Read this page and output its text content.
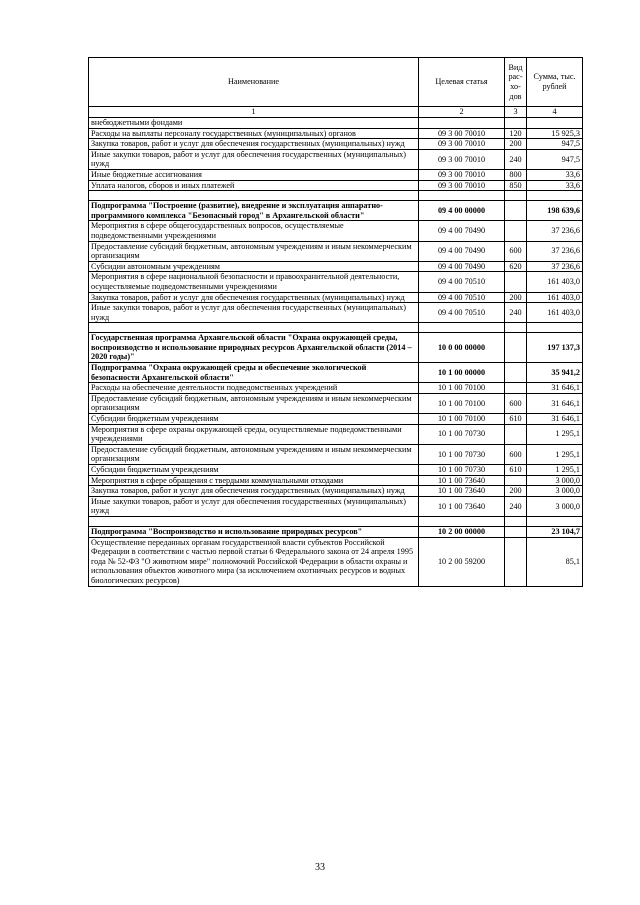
Наименование	Целевая статья	Вид рас-хо-дов	Сумма, тыс. рублей
1	2	3	4
внебюджетными фондами			
Расходы на выплаты персоналу государственных (муниципальных) органов	09 3 00 70010	120	15 925,3
Закупка товаров, работ и услуг для обеспечения государственных (муниципальных) нужд	09 3 00 70010	200	947,5
Иные закупки товаров, работ и услуг для обеспечения государственных (муниципальных) нужд	09 3 00 70010	240	947,5
Иные бюджетные ассигнования	09 3 00 70010	800	33,6
Уплата налогов, сборов и иных платежей	09 3 00 70010	850	33,6

Подпрограмма "Построение (развитие), внедрение и эксплуатация аппаратно-программного комплекса "Безопасный город" в Архангельской области"	09 4 00 00000		198 639,6
Мероприятия в сфере общегосударственных вопросов, осуществляемые подведомственными учреждениями	09 4 00 70490		37 236,6
Предоставление субсидий бюджетным, автономным учреждениям и иным некоммерческим организациям	09 4 00 70490	600	37 236,6
Субсидии автономным учреждениям	09 4 00 70490	620	37 236,6
Мероприятия в сфере национальной безопасности и правоохранительной деятельности, осуществляемые подведомственными учреждениями	09 4 00 70510		161 403,0
Закупка товаров, работ и услуг для обеспечения государственных (муниципальных) нужд	09 4 00 70510	200	161 403,0
Иные закупки товаров, работ и услуг для обеспечения государственных (муниципальных) нужд	09 4 00 70510	240	161 403,0

Государственная программа Архангельской области "Охрана окружающей среды, воспроизводство и использование природных ресурсов Архангельской области (2014 – 2020 годы)"	10 0 00 00000		197 137,3
Подпрограмма "Охрана окружающей среды и обеспечение экологической безопасности Архангельской области"	10 1 00 00000		35 941,2
Расходы на обеспечение деятельности подведомственных учреждений	10 1 00 70100		31 646,1
Предоставление субсидий бюджетным, автономным учреждениям и иным некоммерческим организациям	10 1 00 70100	600	31 646,1
Субсидии бюджетным учреждениям	10 1 00 70100	610	31 646,1
Мероприятия в сфере охраны окружающей среды, осуществляемые подведомственными учреждениями	10 1 00 70730		1 295,1
Предоставление субсидий бюджетным, автономным учреждениям и иным некоммерческим организациям	10 1 00 70730	600	1 295,1
Субсидии бюджетным учреждениям	10 1 00 70730	610	1 295,1
Мероприятия в сфере обращения с твердыми коммунальными отходами	10 1 00 73640		3 000,0
Закупка товаров, работ и услуг для обеспечения государственных (муниципальных) нужд	10 1 00 73640	200	3 000,0
Иные закупки товаров, работ и услуг для обеспечения государственных (муниципальных) нужд	10 1 00 73640	240	3 000,0

Подпрограмма "Воспроизводство и использование природных ресурсов"	10 2 00 00000		23 104,7
Осуществление переданных органам государственной власти субъектов Российской Федерации в соответствии с частью первой статьи 6 Федерального закона от 24 апреля 1995 года № 52-ФЗ "О животном мире" полномочий Российской Федерации в области охраны и использования объектов животного мира (за исключением охотничьих ресурсов и водных биологических ресурсов)	10 2 00 59200		85,1
33
